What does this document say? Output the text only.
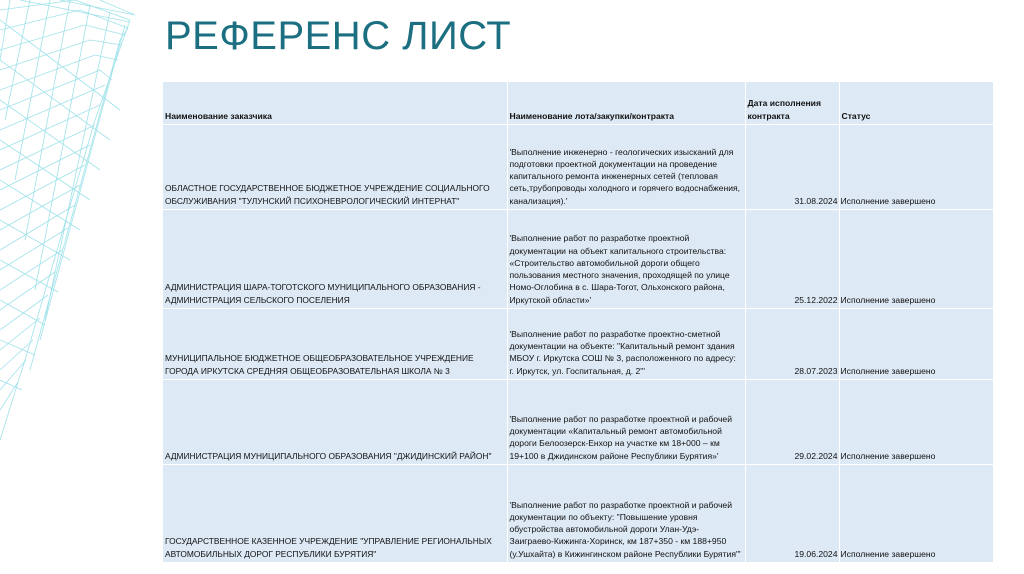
РЕФЕРЕНС ЛИСТ
Наименование заказчика	Наименование лота/закупки/контракта	Дата исполнения контракта	Статус
ОБЛАСТНОЕ ГОСУДАРСТВЕННОЕ БЮДЖЕТНОЕ УЧРЕЖДЕНИЕ СОЦИАЛЬНОГО ОБСЛУЖИВАНИЯ "ТУЛУНСКИЙ ПСИХОНЕВРОЛОГИЧЕСКИЙ ИНТЕРНАТ"	'Выполнение инженерно - геологических изысканий для подготовки проектной документации на проведение капитального ремонта инженерных сетей (тепловая сеть,трубопроводы холодного и горячего водоснабжения, канализация).'	31.08.2024	Исполнение завершено
АДМИНИСТРАЦИЯ ШАРА-ТОГОТСКОГО МУНИЦИПАЛЬНОГО ОБРАЗОВАНИЯ - АДМИНИСТРАЦИЯ СЕЛЬСКОГО ПОСЕЛЕНИЯ	'Выполнение работ по разработке проектной документации на объект капитального строительства: «Строительство автомобильной дороги общего пользования местного значения, проходящей по улице Номо-Оглобина в с. Шара-Тогот, Ольхонского района, Иркутской области»'	25.12.2022	Исполнение завершено
МУНИЦИПАЛЬНОЕ БЮДЖЕТНОЕ ОБЩЕОБРАЗОВАТЕЛЬНОЕ УЧРЕЖДЕНИЕ ГОРОДА ИРКУТСКА СРЕДНЯЯ ОБЩЕОБРАЗОВАТЕЛЬНАЯ ШКОЛА № 3	'Выполнение работ по разработке проектно-сметной документации на объекте: "Капитальный ремонт здания МБОУ г. Иркутска СОШ № 3, расположенного по адресу: г. Иркутск, ул. Госпитальная, д. 2"'	28.07.2023	Исполнение завершено
АДМИНИСТРАЦИЯ МУНИЦИПАЛЬНОГО ОБРАЗОВАНИЯ "ДЖИДИНСКИЙ РАЙОН"	'Выполнение работ по разработке проектной и рабочей документации «Капитальный ремонт автомобильной дороги Белоозерск-Енхор на участке км 18+000 – км 19+100 в Джидинском районе Республики Бурятия»'	29.02.2024	Исполнение завершено
ГОСУДАРСТВЕННОЕ КАЗЕННОЕ УЧРЕЖДЕНИЕ "УПРАВЛЕНИЕ РЕГИОНАЛЬНЫХ АВТОМОБИЛЬНЫХ ДОРОГ РЕСПУБЛИКИ БУРЯТИЯ"	'Выполнение работ по разработке проектной и рабочей документации по объекту: "Повышение уровня обустройства автомобильной дороги Улан-Удэ-Заиграево-Кижинга-Хоринск, км 187+350 - км 188+950 (у.Ушхайта) в Кижингинском районе Республики Бурятия"'	19.06.2024	Исполнение завершено
